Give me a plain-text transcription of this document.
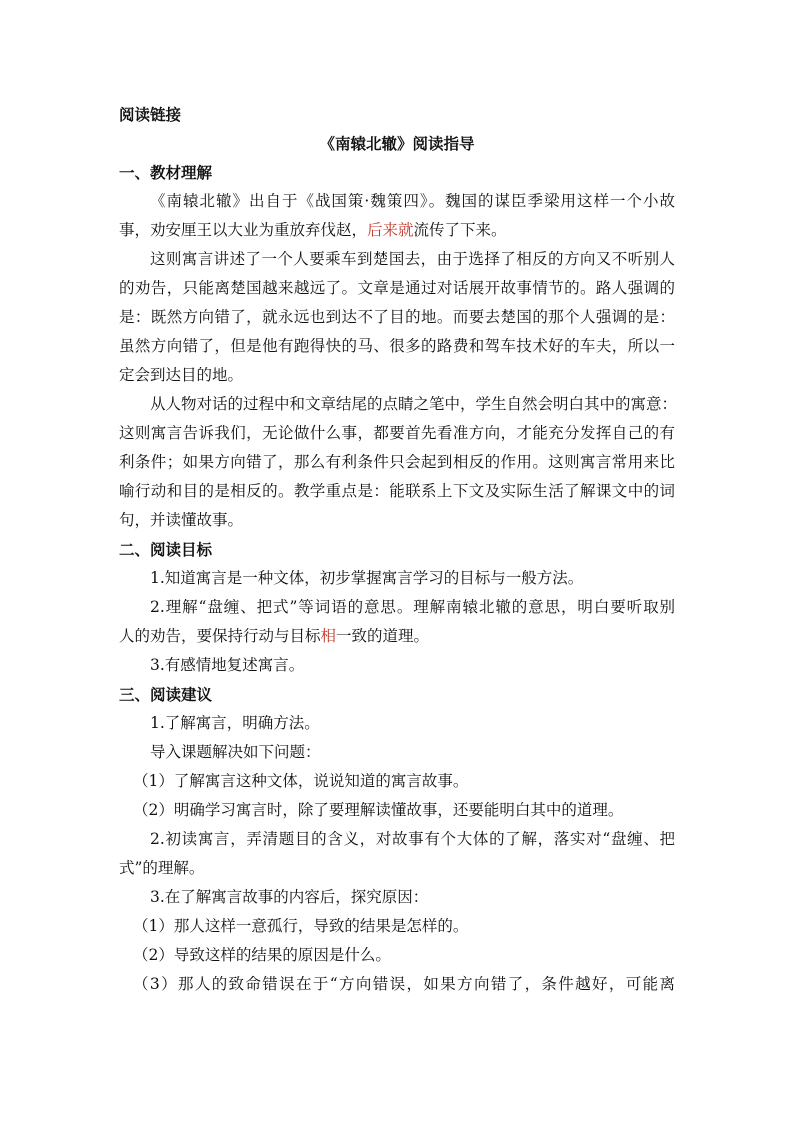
阅读链接

《南辕北辙》阅读指导

一、教材理解

《南辕北辙》出自于《战国策·魏策四》。魏国的谋臣季梁用这样一个小故

事，劝安厘王以大业为重放弃伐赵，后来就流传了下来。

这则寓言讲述了一个人要乘车到楚国去，由于选择了相反的方向又不听别人

的劝告，只能离楚国越来越远了。文章是通过对话展开故事情节的。路人强调的

是：既然方向错了，就永远也到达不了目的地。而要去楚国的那个人强调的是：

虽然方向错了，但是他有跑得快的马、很多的路费和驾车技术好的车夫，所以一

定会到达目的地。

从人物对话的过程中和文章结尾的点睛之笔中，学生自然会明白其中的寓意：

这则寓言告诉我们，无论做什么事，都要首先看准方向，才能充分发挥自己的有

利条件；如果方向错了，那么有利条件只会起到相反的作用。这则寓言常用来比

喻行动和目的是相反的。教学重点是：能联系上下文及实际生活了解课文中的词

句，并读懂故事。

二、阅读目标

1.知道寓言是一种文体，初步掌握寓言学习的目标与一般方法。

2.理解“盘缠、把式”等词语的意思。理解南辕北辙的意思，明白要听取别

人的劝告，要保持行动与目标相一致的道理。

3.有感情地复述寓言。

三、阅读建议

1.了解寓言，明确方法。

导入课题解决如下问题：

（1）了解寓言这种文体，说说知道的寓言故事。

（2）明确学习寓言时，除了要理解读懂故事，还要能明白其中的道理。

2.初读寓言，弄清题目的含义，对故事有个大体的了解，落实对“盘缠、把

式”的理解。

3.在了解寓言故事的内容后，探究原因：

（1）那人这样一意孤行，导致的结果是怎样的。

（2）导致这样的结果的原因是什么。

（3）那人的致命错误在于“方向错误，如果方向错了，条件越好，可能离
